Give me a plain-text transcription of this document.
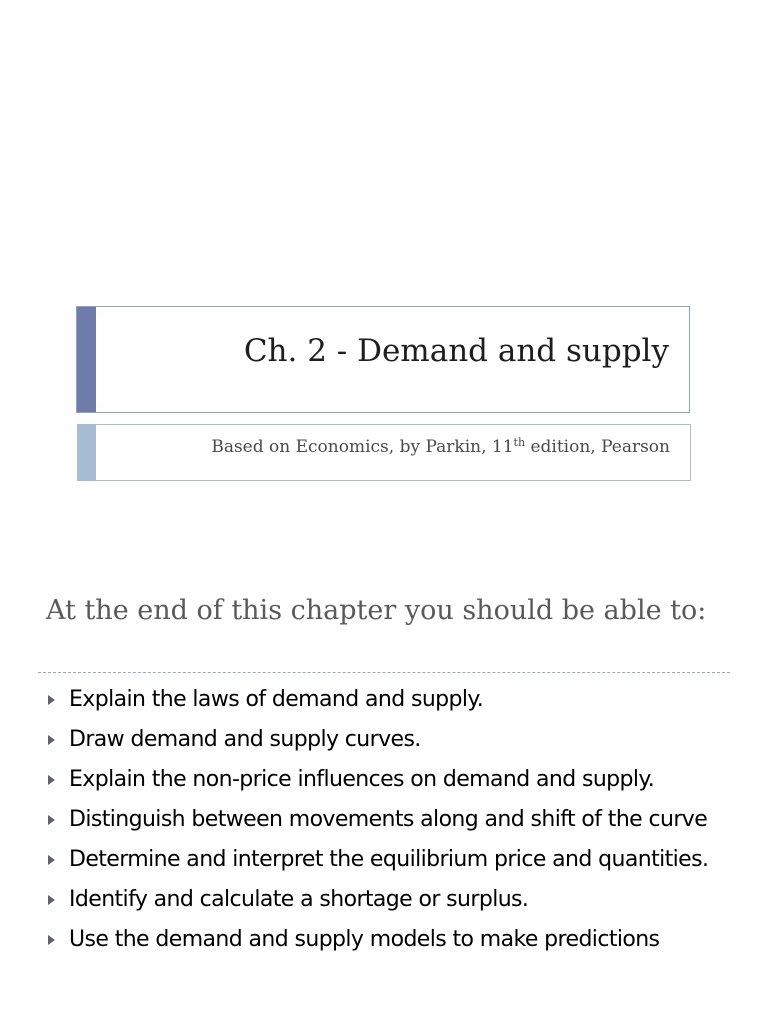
Ch. 2 - Demand and supply
Based on Economics, by Parkin, 11th edition, Pearson
At the end of this chapter you should be able to:
Explain the laws of demand and supply.
Draw demand and supply curves.
Explain the non-price influences on demand and supply.
Distinguish between movements along and shift of the curve
Determine and interpret the equilibrium price and quantities.
Identify and calculate a shortage or surplus.
Use the demand and supply models to make predictions
